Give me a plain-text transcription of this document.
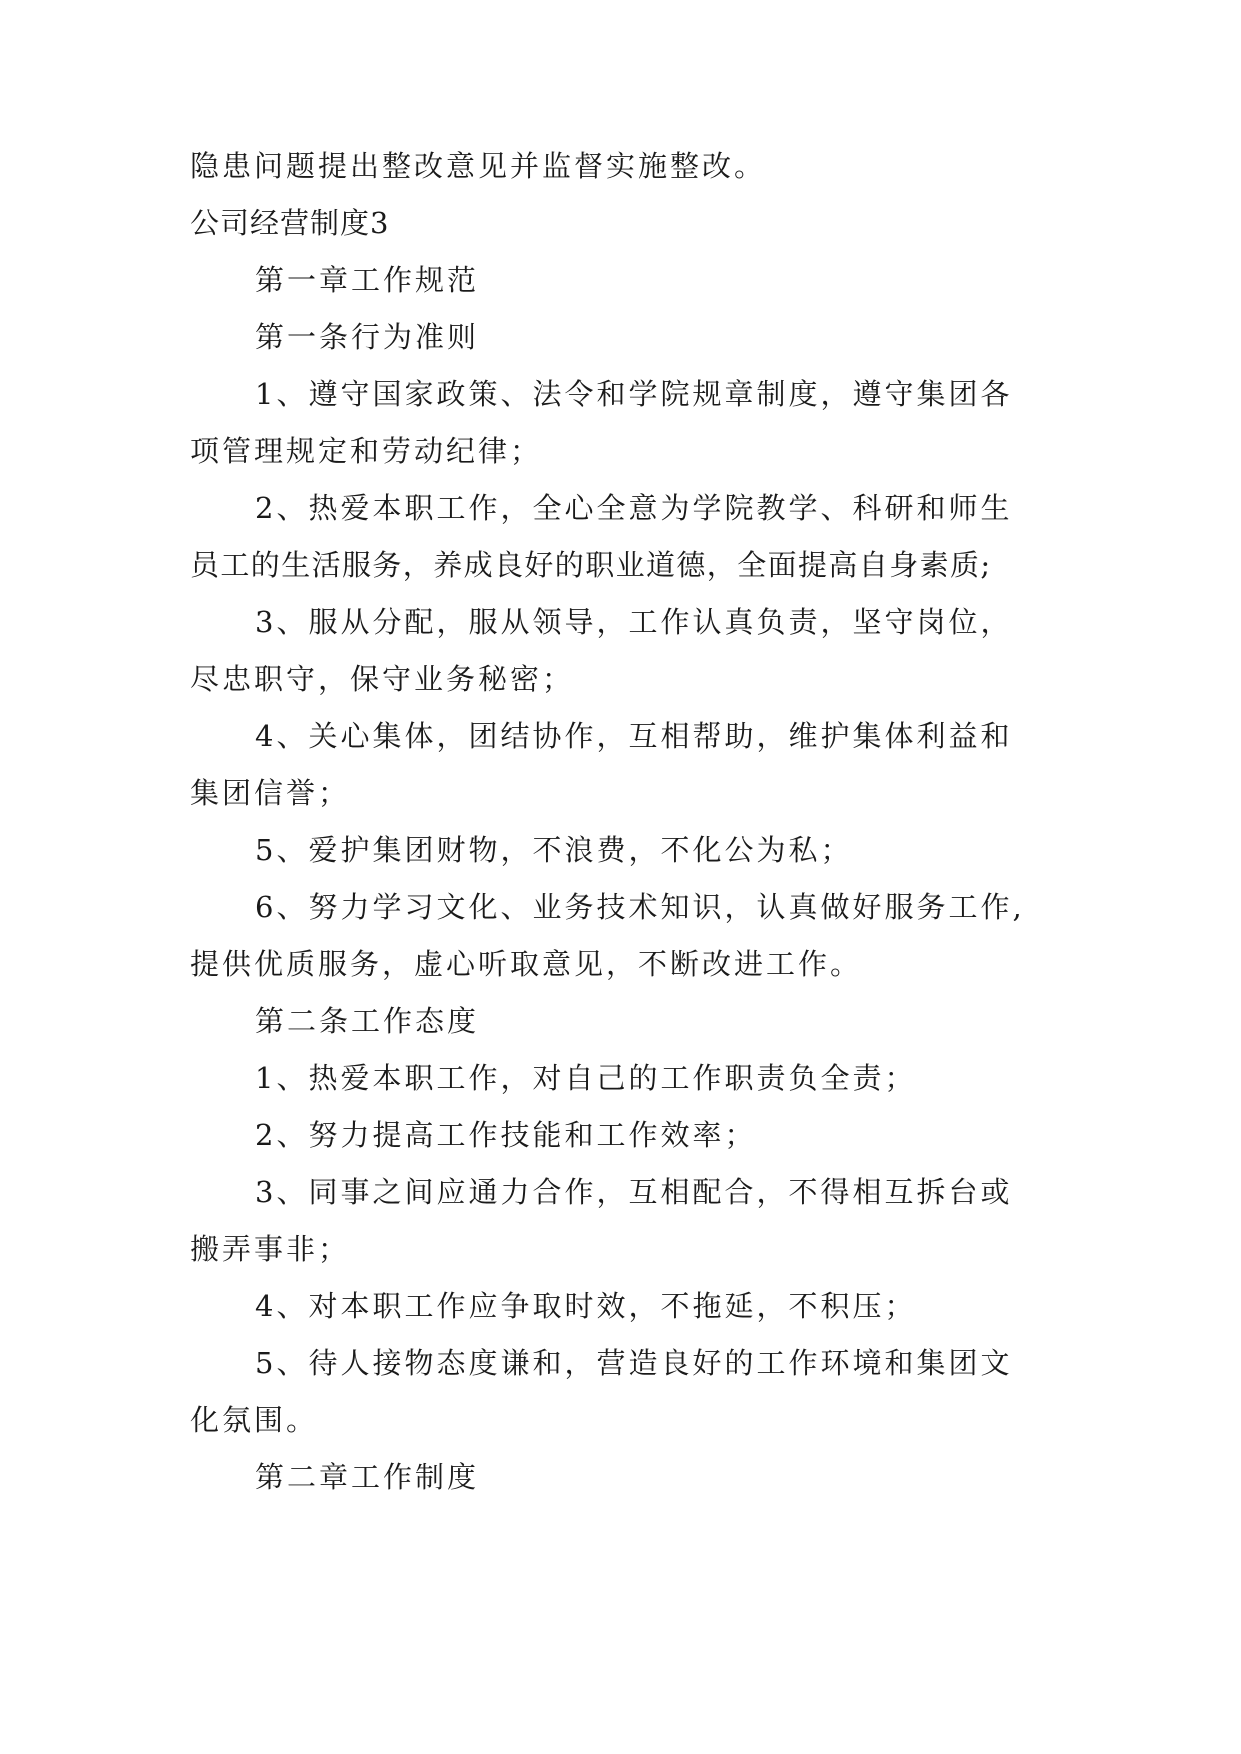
隐患问题提出整改意见并监督实施整改。
公司经营制度3
第一章工作规范
第一条行为准则
1、遵守国家政策、法令和学院规章制度，遵守集团各
项管理规定和劳动纪律；
2、热爱本职工作，全心全意为学院教学、科研和师生
员工的生活服务，养成良好的职业道德，全面提高自身素质;
3、服从分配，服从领导，工作认真负责，坚守岗位，
尽忠职守，保守业务秘密；
4、关心集体，团结协作，互相帮助，维护集体利益和
集团信誉；
5、爱护集团财物，不浪费，不化公为私；
6、努力学习文化、业务技术知识，认真做好服务工作,
提供优质服务，虚心听取意见，不断改进工作。
第二条工作态度
1、热爱本职工作，对自己的工作职责负全责；
2、努力提高工作技能和工作效率；
3、同事之间应通力合作，互相配合，不得相互拆台或
搬弄事非；
4、对本职工作应争取时效，不拖延，不积压；
5、待人接物态度谦和，营造良好的工作环境和集团文
化氛围。
第二章工作制度
